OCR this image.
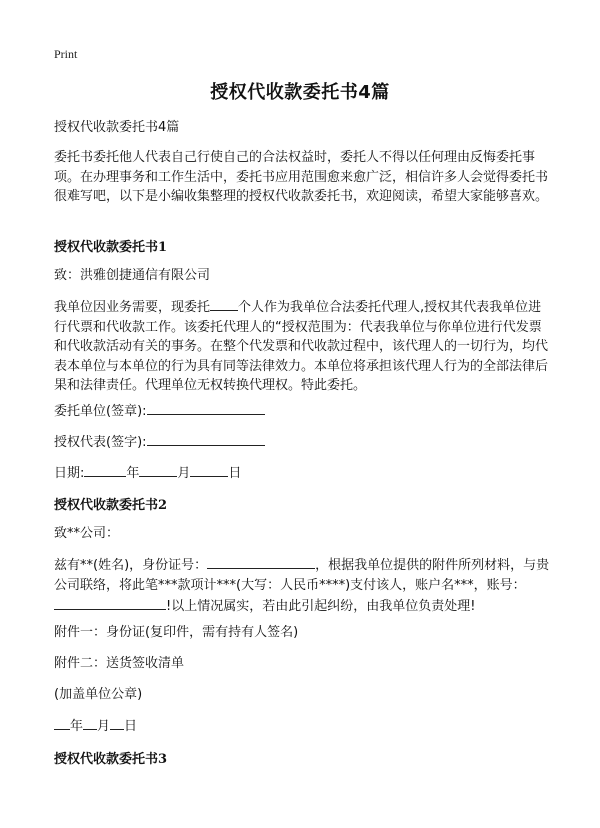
Print
授权代收款委托书4篇

授权代收款委托书4篇

委托书委托他人代表自己行使自己的合法权益时，委托人不得以任何理由反悔委托事项。在办理事务和工作生活中，委托书应用范围愈来愈广泛，相信许多人会觉得委托书很难写吧，以下是小编收集整理的授权代收款委托书，欢迎阅读，希望大家能够喜欢。

授权代收款委托书1

致：洪雅创捷通信有限公司

我单位因业务需要，现委托 个人作为我单位合法委托代理人,授权其代表我单位进行代票和代收款工作。该委托代理人的“授权范围为：代表我单位与你单位进行代发票和代收款活动有关的事务。在整个代发票和代收款过程中，该代理人的一切行为，均代表本单位与本单位的行为具有同等法律效力。本单位将承担该代理人行为的全部法律后果和法律责任。代理单位无权转换代理权。特此委托。

委托单位(签章):

授权代表(签字):

日期:	年	月	日

授权代收款委托书2

致**公司：

兹有**(姓名)，身份证号：	，根据我单位提供的附件所列材料，与贵公司联络，将此笔***款项计***(大写：人民币****)支付该人，账户名***，账号：!以上情况属实，若由此引起纠纷，由我单位负责处理!

附件一：身份证(复印件，需有持有人签名)

附件二：送货签收清单

(加盖单位公章)

年 月 日

授权代收款委托书3
